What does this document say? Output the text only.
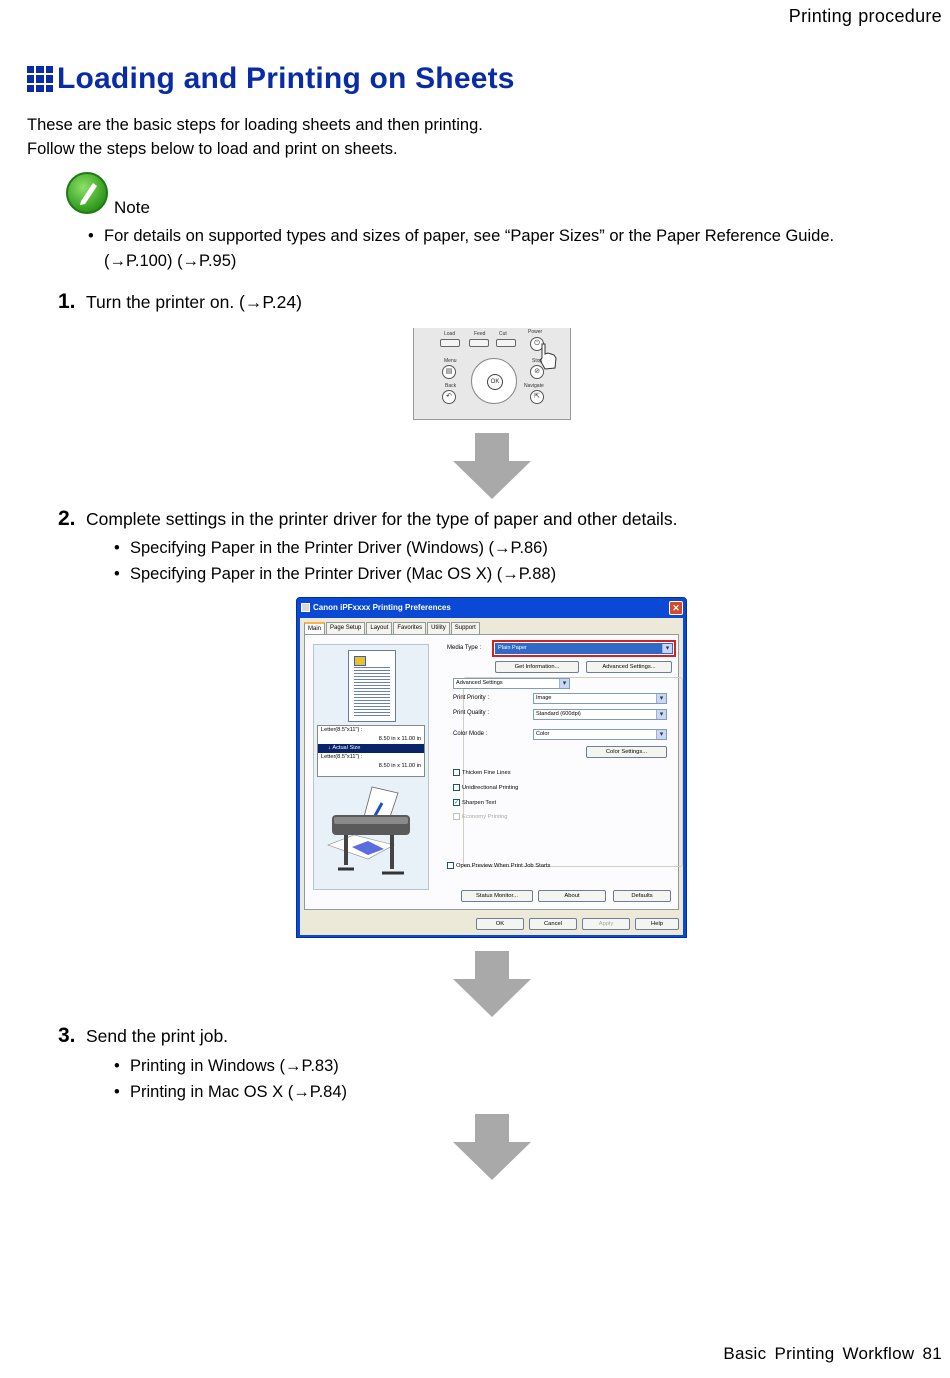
Printing procedure
Loading and Printing on Sheets
These are the basic steps for loading sheets and then printing.
Follow the steps below to load and print on sheets.
Note
• For details on supported types and sizes of paper, see “Paper Sizes” or the Paper Reference Guide.
(→P.100) (→P.95)
1. Turn the printer on. (→P.24)
Load	Feed	Cut	Power
⏻
Menu
▤
Back
↶
OK
Stop
⊘
Navigate
⇱
2. Complete settings in the printer driver for the type of paper and other details.
• Specifying Paper in the Printer Driver (Windows) (→P.86)
• Specifying Paper in the Printer Driver (Mac OS X) (→P.88)
Canon iPFxxxx Printing Preferences	✕
Main	Page Setup	Layout	Favorites	Utility	Support
Letter(8.5"x11") :
8.50 in x 11.00 in
↓ Actual Size
Letter(8.5"x11") :
8.50 in x 11.00 in
Media Type :	Plain Paper ▾
Get Information...	Advanced Settings...
Advanced Settings ▾
Print Priority :	Image ▾
Print Quality :	Standard (600dpi) ▾
Color Mode :	Color ▾
Color Settings...
Thicken Fine Lines
Unidirectional Printing
✓ Sharpen Text
Economy Printing
Open Preview When Print Job Starts
Status Monitor...	About	Defaults
OK	Cancel	Apply	Help
3. Send the print job.
• Printing in Windows (→P.83)
• Printing in Mac OS X (→P.84)
Basic Printing Workflow 81
